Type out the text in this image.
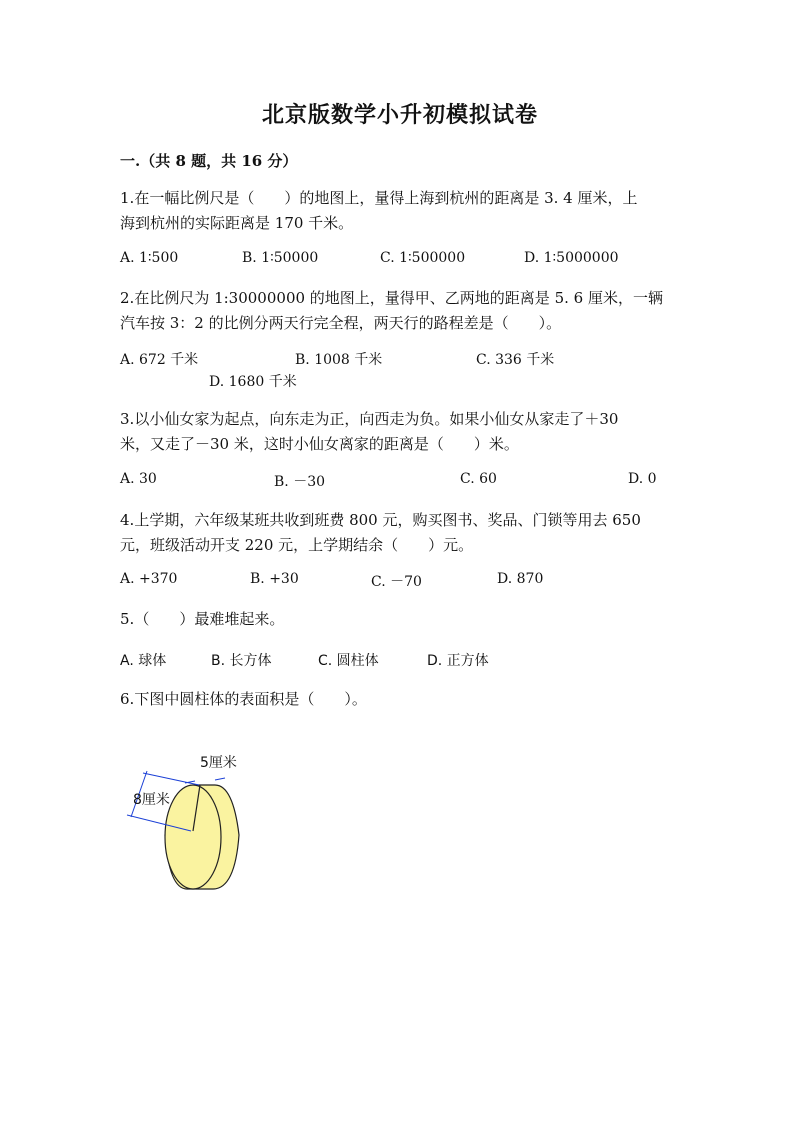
北京版数学小升初模拟试卷
一.（共 8 题，共 16 分）
1.在一幅比例尺是（　　）的地图上，量得上海到杭州的距离是 3. 4 厘米，上
海到杭州的实际距离是 170 千米。
A. 1∶500	B. 1∶50000	C. 1∶500000	D. 1∶5000000
2.在比例尺为 1:30000000 的地图上，量得甲、乙两地的距离是 5. 6 厘米，一辆
汽车按 3：2 的比例分两天行完全程，两天行的路程差是（　　）。
A. 672 千米	B. 1008 千米	C. 336 千米
D. 1680 千米
3.以小仙女家为起点，向东走为正，向西走为负。如果小仙女从家走了＋30
米，又走了－30 米，这时小仙女离家的距离是（　　）米。
A. 30	B. －30	C. 60	D. 0
4.上学期，六年级某班共收到班费 800 元，购买图书、奖品、门锁等用去 650
元，班级活动开支 220 元，上学期结余（　　）元。
A. +370	B. +30	C. －70	D. 870
5.（　　）最难堆起来。
A. 球体	B. 长方体	C. 圆柱体	D. 正方体
6.下图中圆柱体的表面积是（　　）。
8厘米
5厘米
